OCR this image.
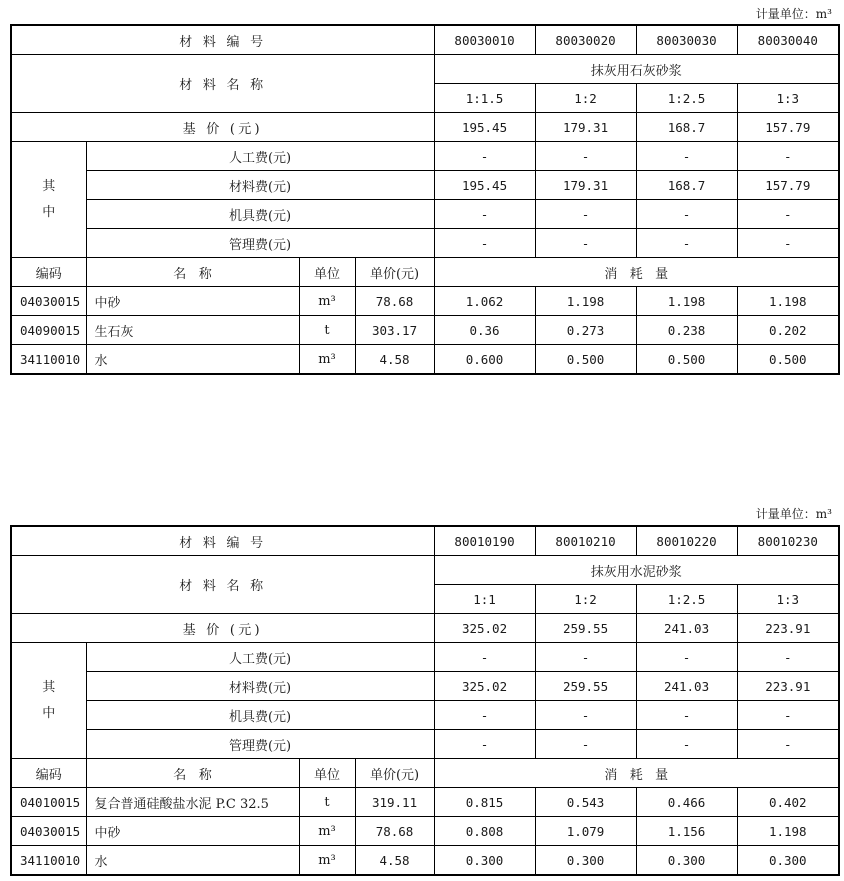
计量单位：m³
材 料 编 号				80030010	80030020	80030030	80030040
材 料 名 称				抹灰用石灰砂浆			
				1:1.5	1:2	1:2.5	1:3
基 价 (元)				195.45	179.31	168.7	157.79
其
中	人工费(元)			-	-	-	-
	材料费(元)			195.45	179.31	168.7	157.79
	机具费(元)			-	-	-	-
	管理费(元)			-	-	-	-
编码	名   称	单位	单价(元)	消   耗   量			
04030015	中砂	m³	78.68	1.062	1.198	1.198	1.198
04090015	生石灰	t	303.17	0.36	0.273	0.238	0.202
34110010	水	m³	4.58	0.600	0.500	0.500	0.500
计量单位：m³
材 料 编 号				80010190	80010210	80010220	80010230
材 料 名 称				抹灰用水泥砂浆			
				1:1	1:2	1:2.5	1:3
基 价 (元)				325.02	259.55	241.03	223.91
其
中	人工费(元)			-	-	-	-
	材料费(元)			325.02	259.55	241.03	223.91
	机具费(元)			-	-	-	-
	管理费(元)			-	-	-	-
编码	名   称	单位	单价(元)	消   耗   量			
04010015	复合普通硅酸盐水泥 P.C 32.5	t	319.11	0.815	0.543	0.466	0.402
04030015	中砂	m³	78.68	0.808	1.079	1.156	1.198
34110010	水	m³	4.58	0.300	0.300	0.300	0.300
